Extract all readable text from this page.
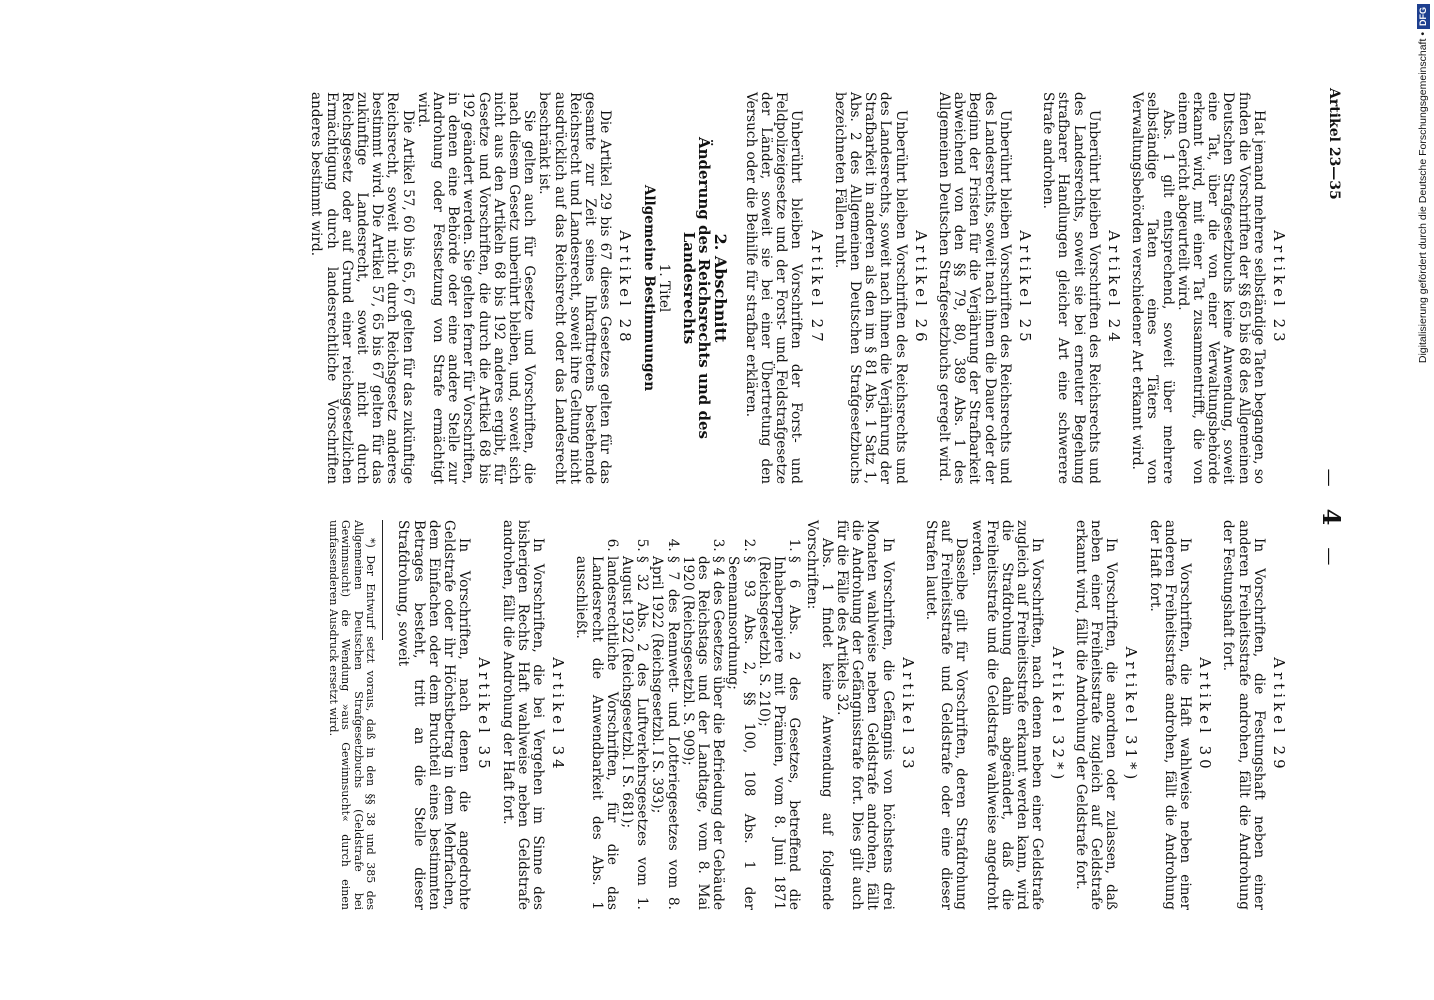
Artikel 23—35
—4—
Artikel 23

Hat jemand mehrere selbständige Taten begangen, so finden die Vorschriften der §§ 65 bis 68 des Allgemeinen Deutschen Strafgesetzbuchs keine Anwendung, soweit eine Tat, über die von einer Verwaltungsbehörde erkannt wird, mit einer Tat zusammentrifft, die von einem Gericht abgeurteilt wird.

Abs. 1 gilt entsprechend, soweit über mehrere selbständige Taten eines Täters von Verwaltungsbehörden verschiedener Art erkannt wird.

Artikel 24

Unberührt bleiben Vorschriften des Reichsrechts und des Landesrechts, soweit sie bei erneuter Begehung strafbarer Handlungen gleicher Art eine schwerere Strafe androhen.

Artikel 25

Unberührt bleiben Vorschriften des Reichsrechts und des Landesrechts, soweit nach ihnen die Dauer oder der Beginn der Fristen für die Verjährung der Strafbarkeit abweichend von den §§ 79, 80, 389 Abs. 1 des Allgemeinen Deutschen Strafgesetzbuchs geregelt wird.

Artikel 26

Unberührt bleiben Vorschriften des Reichsrechts und des Landesrechts, soweit nach ihnen die Verjährung der Strafbarkeit in anderen als den im § 81 Abs. 1 Satz 1, Abs. 2 des Allgemeinen Deutschen Strafgesetzbuchs bezeichneten Fällen ruht.

Artikel 27

Unberührt bleiben Vorschriften der Forst- und Feldpolizeigesetze und der Forst- und Feldstrafgesetze der Länder, soweit sie bei einer Übertretung den Versuch oder die Beihilfe für strafbar erklären.

2. Abschnitt
Änderung des Reichsrechts und des Landesrechts
1. Titel
Allgemeine Bestimmungen
Artikel 28

Die Artikel 29 bis 67 dieses Gesetzes gelten für das gesamte zur Zeit seines Inkrafttretens bestehende Reichsrecht und Landesrecht, soweit ihre Geltung nicht ausdrücklich auf das Reichsrecht oder das Landesrecht beschränkt ist.

Sie gelten auch für Gesetze und Vorschriften, die nach diesem Gesetz unberührt bleiben, und, soweit sich nicht aus den Artikeln 68 bis 192 anderes ergibt, für Gesetze und Vorschriften, die durch die Artikel 68 bis 192 geändert werden. Sie gelten ferner für Vorschriften, in denen eine Behörde oder eine andere Stelle zur Androhung oder Festsetzung von Strafe ermächtigt wird.

Die Artikel 57, 60 bis 65, 67 gelten für das zukünftige Reichsrecht, soweit nicht durch Reichsgesetz anderes bestimmt wird. Die Artikel 57, 65 bis 67 gelten für das zukünftige Landesrecht, soweit nicht durch Reichsgesetz oder auf Grund einer reichsgesetzlichen Ermächtigung durch landesrechtliche Vorschriften anderes bestimmt wird.

Artikel 29

In Vorschriften, die Festungshaft neben einer anderen Freiheitsstrafe androhen, fällt die Androhung der Festungshaft fort.

Artikel 30

In Vorschriften, die Haft wahlweise neben einer anderen Freiheitsstrafe androhen, fällt die Androhung der Haft fort.

Artikel 31*)

In Vorschriften, die anordnen oder zulassen, daß neben einer Freiheitsstrafe zugleich auf Geldstrafe erkannt wird, fällt die Androhung der Geldstrafe fort.

Artikel 32*)

In Vorschriften, nach denen neben einer Geldstrafe zugleich auf Freiheitsstrafe erkannt werden kann, wird die Strafdrohung dahin abgeändert, daß die Freiheitsstrafe und die Geldstrafe wahlweise angedroht werden.

Dasselbe gilt für Vorschriften, deren Strafdrohung auf Freiheitsstrafe und Geldstrafe oder eine dieser Strafen lautet.

Artikel 33

In Vorschriften, die Gefängnis von höchstens drei Monaten wahlweise neben Geldstrafe androhen, fällt die Androhung der Gefängnisstrafe fort. Dies gilt auch für die Fälle des Artikels 32.

Abs. 1 findet keine Anwendung auf folgende Vorschriften:

1. § 6 Abs. 2 des Gesetzes, betreffend die Inhaberpapiere mit Prämien, vom 8. Juni 1871 (Reichsgesetzbl. S. 210);
2. § 93 Abs. 2, §§ 100, 108 Abs. 1 der Seemannsordnung;
3. § 4 des Gesetzes über die Befriedung der Gebäude des Reichstags und der Landtage, vom 8. Mai 1920 (Reichsgesetzbl. S. 909);
4. § 7 des Rennwett- und Lotteriegesetzes vom 8. April 1922 (Reichsgesetzbl. I S. 393);
5. § 32 Abs. 2 des Luftverkehrsgesetzes vom 1. August 1922 (Reichsgesetzbl. I S. 681);
6. landesrechtliche Vorschriften, für die das Landesrecht die Anwendbarkeit des Abs. 1 ausschließt.
Artikel 34

In Vorschriften, die bei Vergehen im Sinne des bisherigen Rechts Haft wahlweise neben Geldstrafe androhen, fällt die Androhung der Haft fort.

Artikel 35

In Vorschriften, nach denen die angedrohte Geldstrafe oder ihr Höchstbetrag in dem Mehrfachen, dem Einfachen oder dem Bruchteil eines bestimmten Betrages besteht, tritt an die Stelle dieser Strafdrohung, soweit

*) Der Entwurf setzt voraus, daß in den §§ 38 und 385 des Allgemeinen Deutschen Strafgesetzbuchs (Geldstrafe bei Gewinnsucht) die Wendung »aus Gewinnsucht« durch einen umfassenderen Ausdruck ersetzt wird.

Digitalisierung gefördert durch die Deutsche Forschungsgemeinschaft •DFG
